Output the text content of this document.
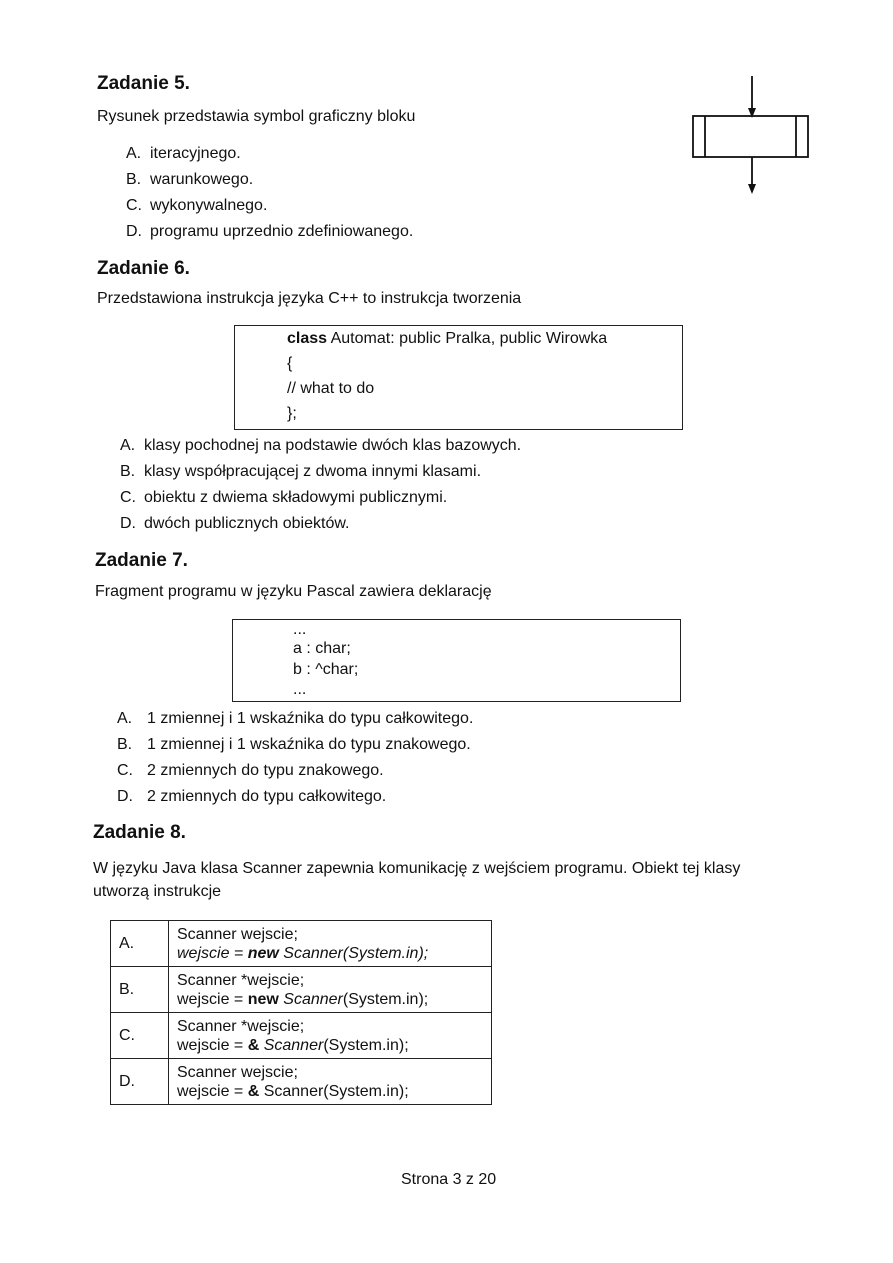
Zadanie 5.
Rysunek przedstawia symbol graficzny bloku
A. iteracyjnego.
B. warunkowego.
C. wykonywalnego.
D. programu uprzednio zdefiniowanego.
Zadanie 6.
Przedstawiona instrukcja języka C++ to instrukcja tworzenia
class Automat: public Pralka, public Wirowka
{
// what to do
};
A. klasy pochodnej na podstawie dwóch klas bazowych.
B. klasy współpracującej z dwoma innymi klasami.
C. obiektu z dwiema składowymi publicznymi.
D. dwóch publicznych obiektów.
Zadanie 7.
Fragment programu w języku Pascal zawiera deklarację
...
a : char;
b : ^char;
...
A. 1 zmiennej i 1 wskaźnika do typu całkowitego.
B. 1 zmiennej i 1 wskaźnika do typu znakowego.
C. 2 zmiennych do typu znakowego.
D. 2 zmiennych do typu całkowitego.
Zadanie 8.
W języku Java klasa Scanner zapewnia komunikację z wejściem programu. Obiekt tej klasy
utworzą instrukcje
A.	Scanner wejscie;
wejscie = new Scanner(System.in);

B.	Scanner *wejscie;
wejscie = new Scanner(System.in);

C.	Scanner *wejscie;
wejscie = & Scanner(System.in);

D.	Scanner wejscie;
wejscie = & Scanner(System.in);
Strona 3 z 20
